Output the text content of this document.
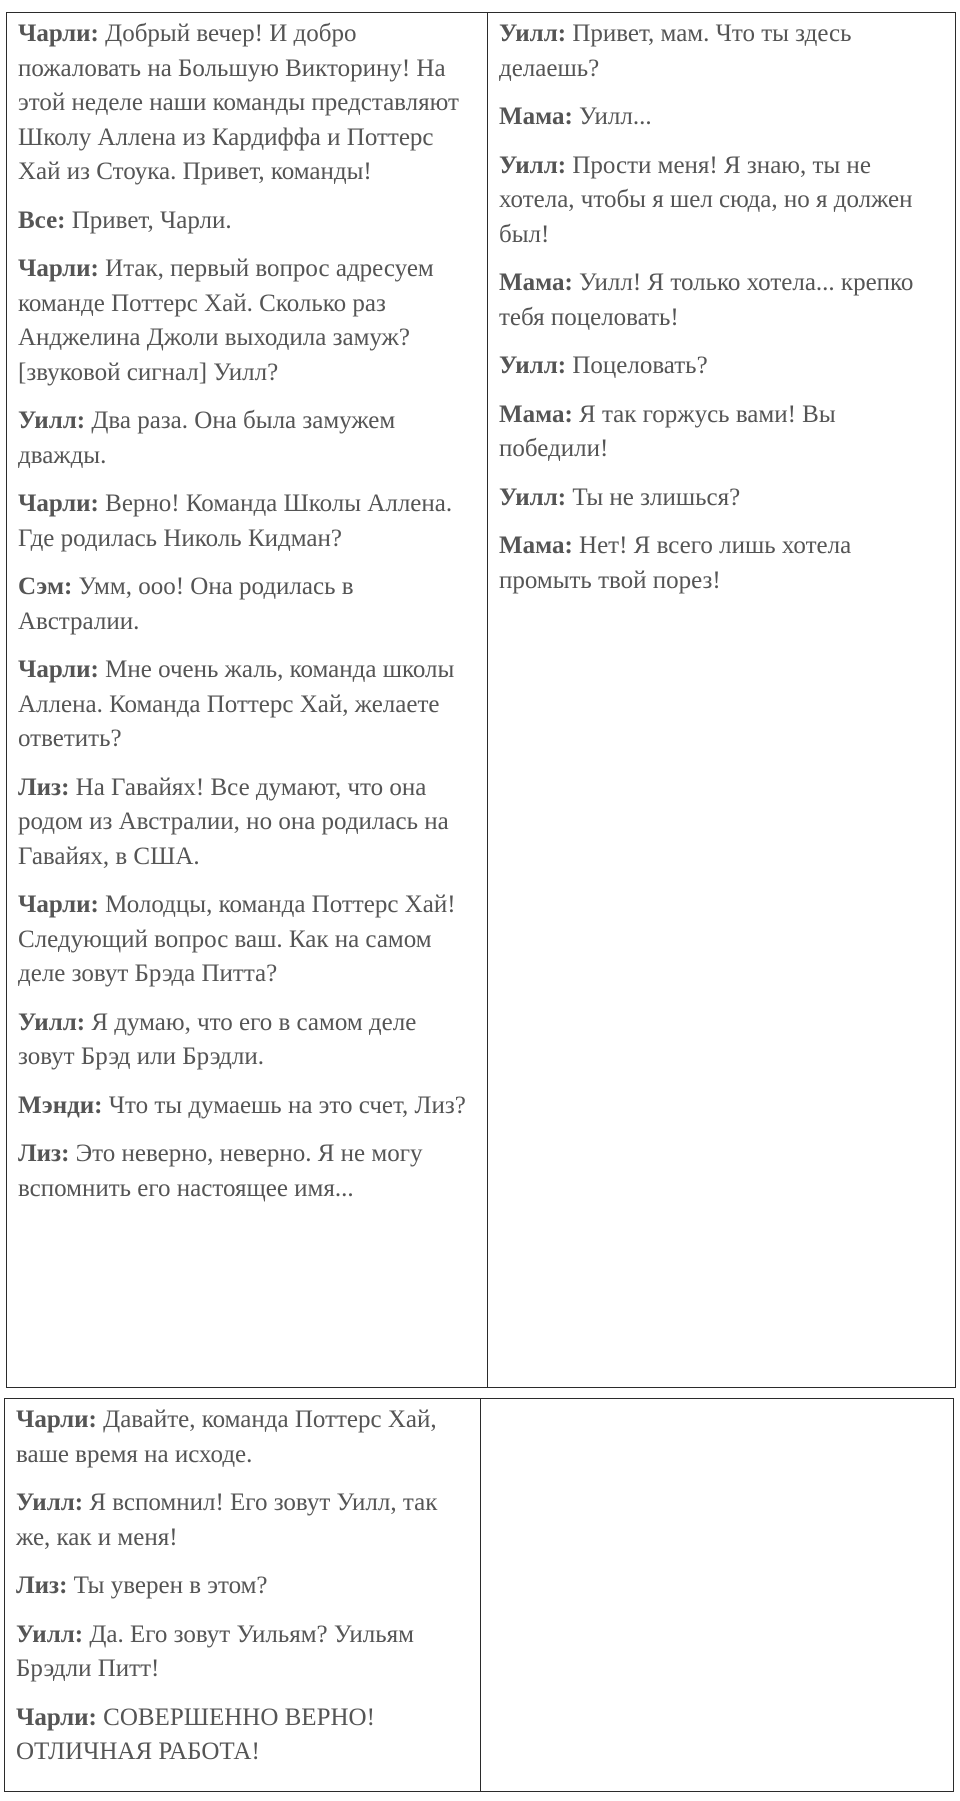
Чарли: Добрый вечер! И добро пожаловать на Большую Викторину! На этой неделе наши команды представляют Школу Аллена из Кардиффа и Поттерс Хай из Стоука. Привет, команды!

Все: Привет, Чарли.

Чарли: Итак, первый вопрос адресуем команде Поттерс Хай. Сколько раз Анджелина Джоли выходила замуж? [звуковой сигнал] Уилл?

Уилл: Два раза. Она была замужем дважды.

Чарли: Верно! Команда Школы Аллена. Где родилась Николь Кидман?

Сэм: Умм, ооо! Она родилась в Австралии.

Чарли: Мне очень жаль, команда школы Аллена. Команда Поттерс Хай, желаете ответить?

Лиз: На Гавайях! Все думают, что она родом из Австралии, но она родилась на Гавайях, в США.

Чарли: Молодцы, команда Поттерс Хай! Следующий вопрос ваш. Как на самом деле зовут Брэда Питта?

Уилл: Я думаю, что его в самом деле зовут Брэд или Брэдли.

Мэнди: Что ты думаешь на это счет, Лиз?

Лиз: Это неверно, неверно. Я не могу вспомнить его настоящее имя...

Уилл: Привет, мам. Что ты здесь делаешь?

Мама: Уилл...

Уилл: Прости меня! Я знаю, ты не хотела, чтобы я шел сюда, но я должен был!

Мама: Уилл! Я только хотела... крепко тебя поцеловать!

Уилл: Поцеловать?

Мама: Я так горжусь вами! Вы победили!

Уилл: Ты не злишься?

Мама: Нет! Я всего лишь хотела промыть твой порез!

Чарли: Давайте, команда Поттерс Хай, ваше время на исходе.

Уилл: Я вспомнил! Его зовут Уилл, так же, как и меня!

Лиз: Ты уверен в этом?

Уилл: Да. Его зовут Уильям? Уильям Брэдли Питт!

Чарли: СОВЕРШЕННО ВЕРНО! ОТЛИЧНАЯ РАБОТА!
